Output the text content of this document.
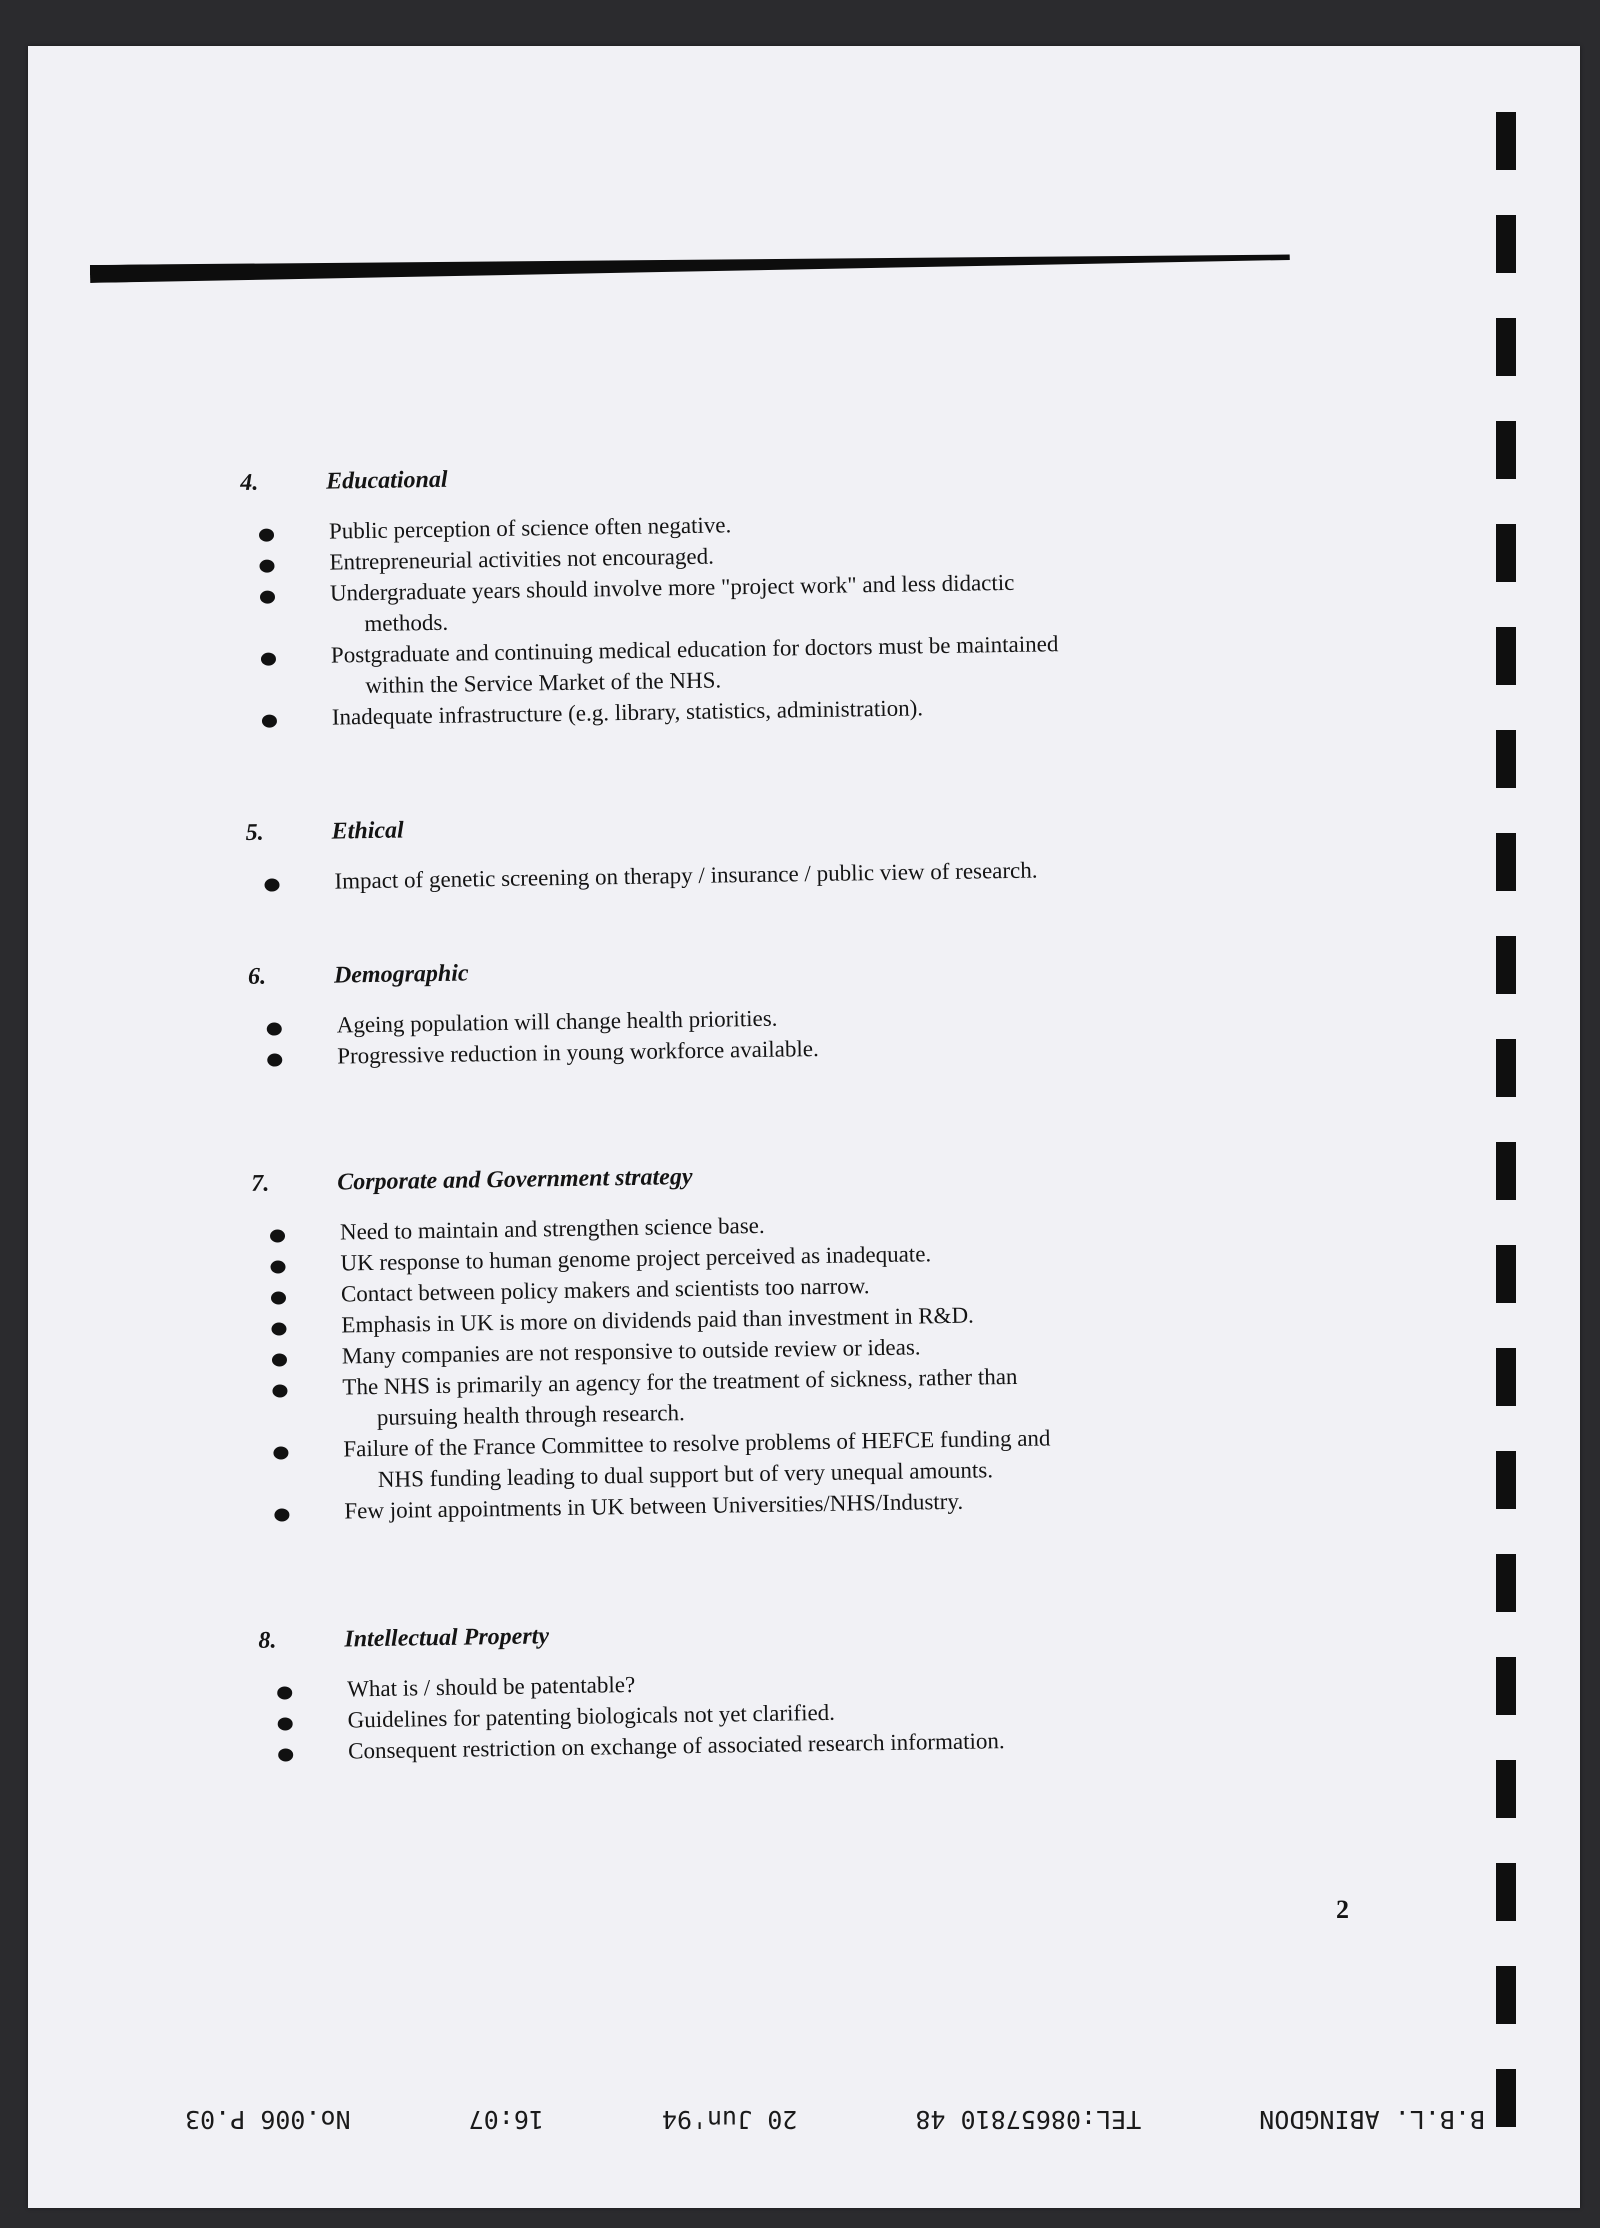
4.	Educational
Public perception of science often negative.
Entrepreneurial activities not encouraged.
Undergraduate years should involve more "project work" and less didactic
methods.
Postgraduate and continuing medical education for doctors must be maintained
within the Service Market of the NHS.
Inadequate infrastructure (e.g. library, statistics, administration).
5.	Ethical
Impact of genetic screening on therapy / insurance / public view of research.
6.	Demographic
Ageing population will change health priorities.
Progressive reduction in young workforce available.
7.	Corporate and Government strategy
Need to maintain and strengthen science base.
UK response to human genome project perceived as inadequate.
Contact between policy makers and scientists too narrow.
Emphasis in UK is more on dividends paid than investment in R&D.
Many companies are not responsive to outside review or ideas.
The NHS is primarily an agency for the treatment of sickness, rather than
pursuing health through research.
Failure of the France Committee to resolve problems of HEFCE funding and
NHS funding leading to dual support but of very unequal amounts.
Few joint appointments in UK between Universities/NHS/Industry.
8.	Intellectual Property
What is / should be patentable?
Guidelines for patenting biologicals not yet clarified.
Consequent restriction on exchange of associated research information.
2
B.B.L. ABINGDON
TEL:08657810 48
20 Jun'94
16:07
No.006 P.03
